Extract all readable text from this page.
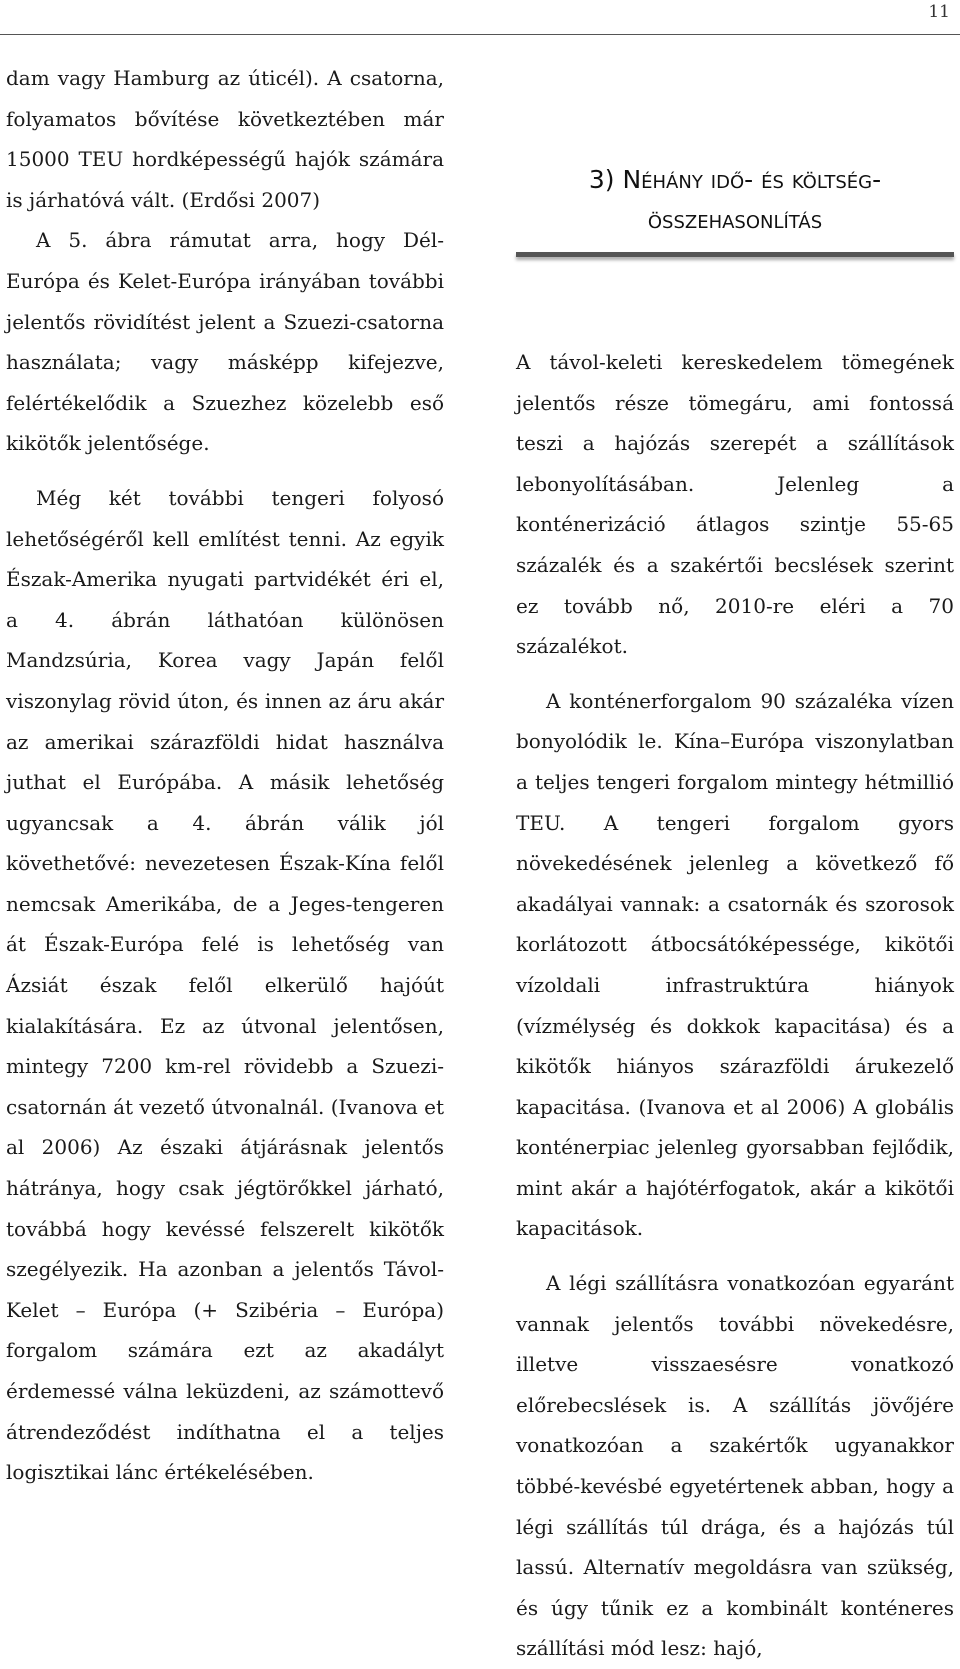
11

dam vagy Hamburg az úticél). A csatorna, folyamatos bővítése következtében már 15000 TEU hordképességű hajók számára is járhatóvá vált. (Erdősi 2007)

A 5. ábra rámutat arra, hogy Dél-Európa és Kelet-Európa irányában további jelentős rövidítést jelent a Szuezi-csatorna használata; vagy másképp kifejezve, felértékelődik a Szuezhez közelebb eső kikötők jelentősége.

Még két további tengeri folyosó lehetőségéről kell említést tenni. Az egyik Észak-Amerika nyugati partvidékét éri el, a 4. ábrán láthatóan különösen Mandzsúria, Korea vagy Japán felől viszonylag rövid úton, és innen az áru akár az amerikai szárazföldi hidat használva juthat el Európába. A másik lehetőség ugyancsak a 4. ábrán válik jól követhetővé: nevezetesen Észak-Kína felől nemcsak Amerikába, de a Jeges-tengeren át Észak-Európa felé is lehetőség van Ázsiát észak felől elkerülő hajóút kialakítására. Ez az útvonal jelentősen, mintegy 7200 km-rel rövidebb a Szuezi-csatornán át vezető útvonalnál. (Ivanova et al 2006) Az északi átjárásnak jelentős hátránya, hogy csak jégtörőkkel járható, továbbá hogy kevéssé felszerelt kikötők szegélyezik. Ha azonban a jelentős Távol-Kelet – Európa (+ Szibéria – Európa) forgalom számára ezt az akadályt érdemessé válna leküzdeni, az számottevő átrendeződést indíthatna el a teljes logisztikai lánc értékelésében.

3) Néhány idő- és költség-összehasonlítás

A távol-keleti kereskedelem tömegének jelentős része tömegáru, ami fontossá teszi a hajózás szerepét a szállítások lebonyolításában. Jelenleg a konténerizáció átlagos szintje 55-65 százalék és a szakértői becslések szerint ez tovább nő, 2010-re eléri a 70 százalékot.

A konténerforgalom 90 százaléka vízen bonyolódik le. Kína–Európa viszonylatban a teljes tengeri forgalom mintegy hétmillió TEU. A tengeri forgalom gyors növekedésének jelenleg a következő fő akadályai vannak: a csatornák és szorosok korlátozott átbocsátóképessége, kikötői vízoldali infrastruktúra hiányok (vízmélység és dokkok kapacitása) és a kikötők hiányos szárazföldi árukezelő kapacitása. (Ivanova et al 2006) A globális konténerpiac jelenleg gyorsabban fejlődik, mint akár a hajótérfogatok, akár a kikötői kapacitások.

A légi szállításra vonatkozóan egyaránt vannak jelentős további növekedésre, illetve visszaesésre vonatkozó előrebecslések is. A szállítás jövőjére vonatkozóan a szakértők ugyanakkor többé-kevésbé egyetértenek abban, hogy a légi szállítás túl drága, és a hajózás túl lassú. Alternatív megoldásra van szükség, és úgy tűnik ez a kombinált konténeres szállítási mód lesz: hajó,
